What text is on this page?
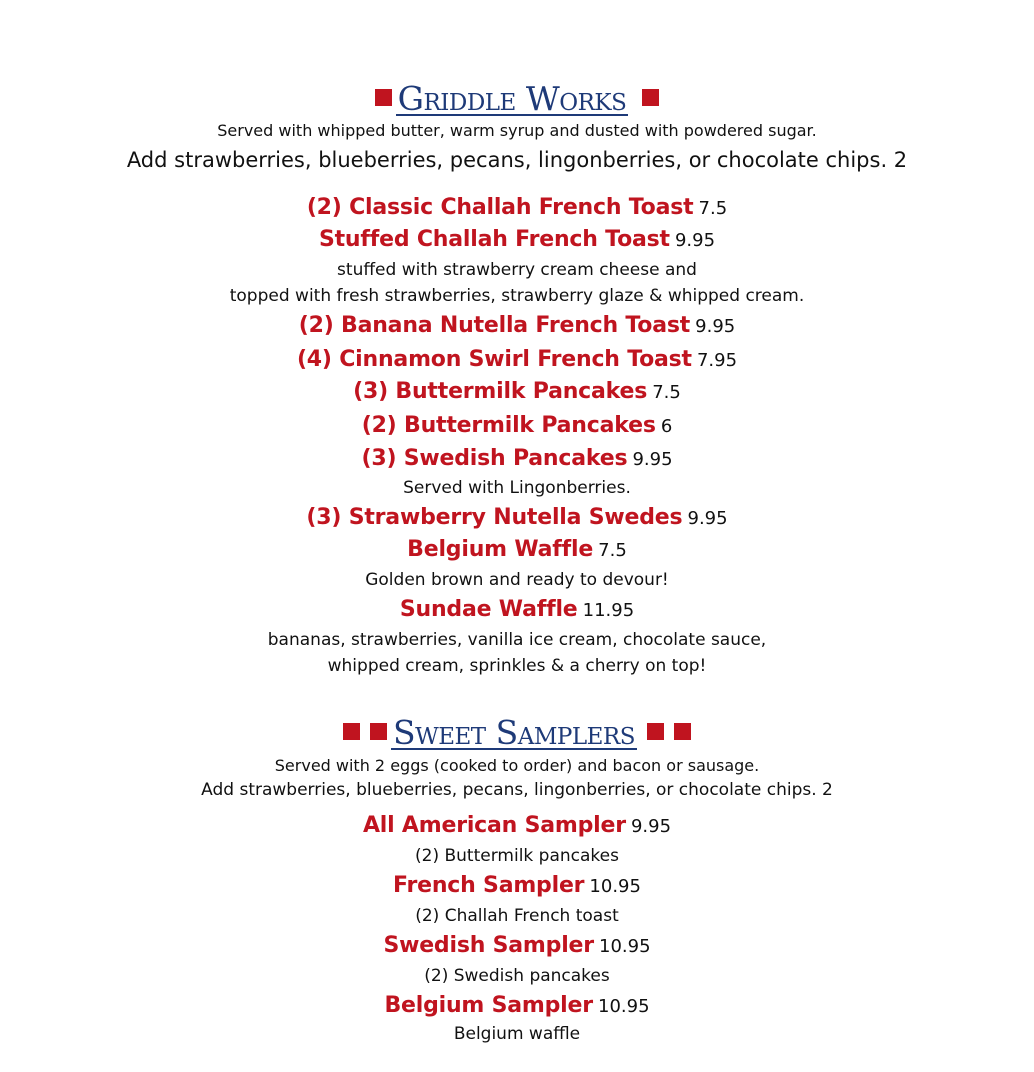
Griddle Works
Served with whipped butter, warm syrup and dusted with powdered sugar.
Add strawberries, blueberries, pecans, lingonberries, or chocolate chips. 2
(2) Classic Challah French Toast 7.5
Stuffed Challah French Toast 9.95
stuffed with strawberry cream cheese and
topped with fresh strawberries, strawberry glaze & whipped cream.
(2) Banana Nutella French Toast 9.95
(4) Cinnamon Swirl French Toast 7.95
(3) Buttermilk Pancakes 7.5
(2) Buttermilk Pancakes 6
(3) Swedish Pancakes 9.95
Served with Lingonberries.
(3) Strawberry Nutella Swedes 9.95
Belgium Waffle 7.5
Golden brown and ready to devour!
Sundae Waffle 11.95
bananas, strawberries, vanilla ice cream, chocolate sauce,
whipped cream, sprinkles & a cherry on top!
Sweet Samplers
Served with 2 eggs (cooked to order) and bacon or sausage.
Add strawberries, blueberries, pecans, lingonberries, or chocolate chips. 2
All American Sampler 9.95
(2) Buttermilk pancakes
French Sampler 10.95
(2) Challah French toast
Swedish Sampler 10.95
(2) Swedish pancakes
Belgium Sampler 10.95
Belgium waffle
